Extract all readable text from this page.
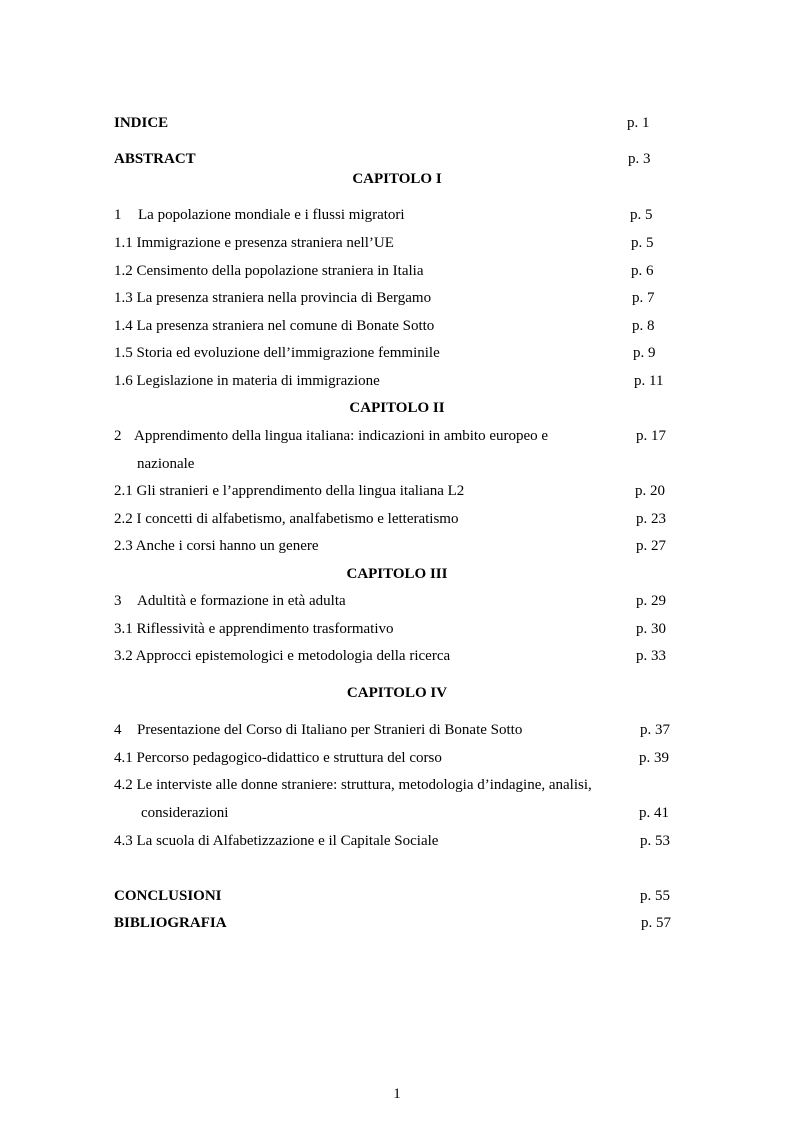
INDICE	p. 1
ABSTRACT	p. 3
CAPITOLO I
1 La popolazione mondiale e i flussi migratori	p. 5
1.1 Immigrazione e presenza straniera nell’UE	p. 5
1.2 Censimento della popolazione straniera in Italia	p. 6
1.3 La presenza straniera nella provincia di Bergamo	p. 7
1.4 La presenza straniera nel comune di Bonate Sotto	p. 8
1.5 Storia ed evoluzione dell’immigrazione femminile	p. 9
1.6 Legislazione in materia di immigrazione	p. 11
CAPITOLO II
2 Apprendimento della lingua italiana: indicazioni in ambito europeo e	p. 17
nazionale
2.1 Gli stranieri e l’apprendimento della lingua italiana L2	p. 20
2.2 I concetti di alfabetismo, analfabetismo e letteratismo	p. 23
2.3 Anche i corsi hanno un genere	p. 27
CAPITOLO III
3 Adultità e formazione in età adulta	p. 29
3.1 Riflessività e apprendimento trasformativo	p. 30
3.2 Approcci epistemologici e metodologia della ricerca	p. 33
CAPITOLO IV
4 Presentazione del Corso di Italiano per Stranieri di Bonate Sotto	p. 37
4.1 Percorso pedagogico-didattico e struttura del corso	p. 39
4.2 Le interviste alle donne straniere: struttura, metodologia d’indagine, analisi,
considerazioni	p. 41
4.3 La scuola di Alfabetizzazione e il Capitale Sociale	p. 53
CONCLUSIONI	p. 55
BIBLIOGRAFIA	p. 57
1
